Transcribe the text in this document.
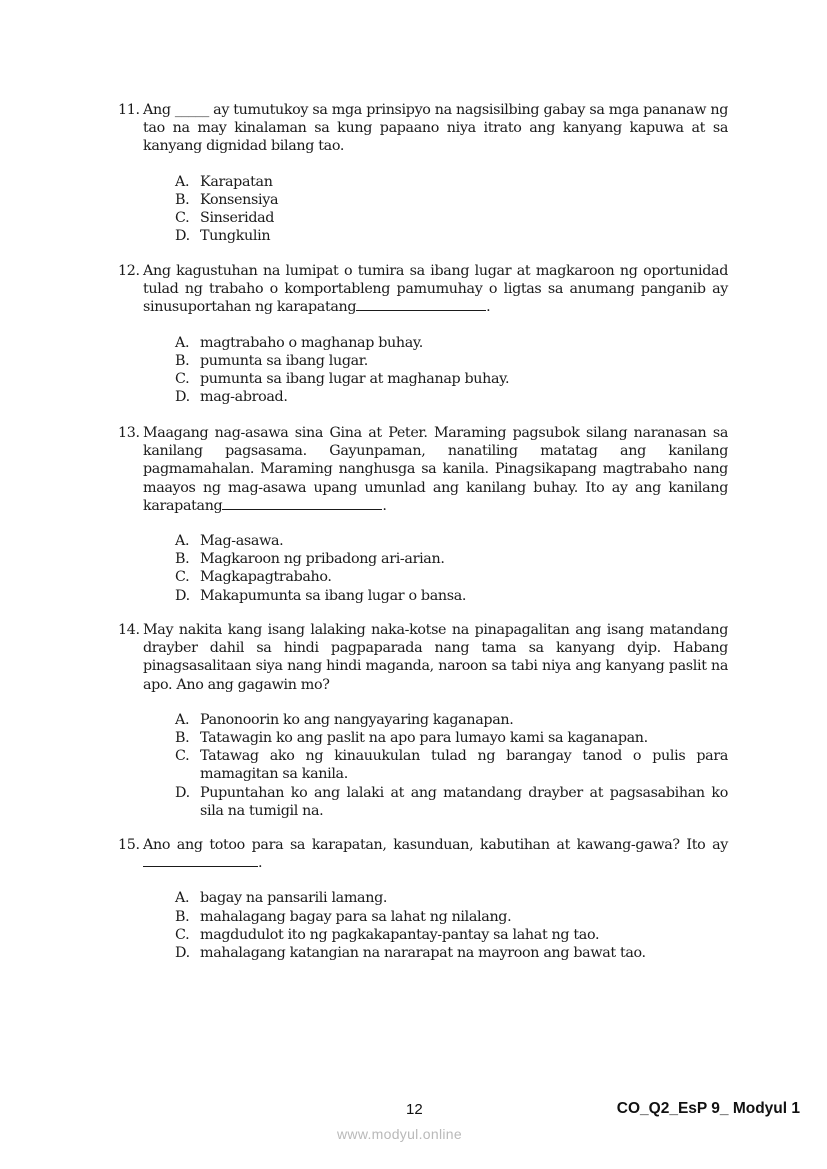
11. Ang _____ ay tumutukoy sa mga prinsipyo na nagsisilbing gabay sa mga pananaw ng tao na may kinalaman sa kung papaano niya itrato ang kanyang kapuwa at sa kanyang dignidad bilang tao.
A. Karapatan
B. Konsensiya
C. Sinseridad
D. Tungkulin
12. Ang kagustuhan na lumipat o tumira sa ibang lugar at magkaroon ng oportunidad tulad ng trabaho o komportableng pamumuhay o ligtas sa anumang panganib ay sinusuportahan ng karapatang	.
A. magtrabaho o maghanap buhay.
B. pumunta sa ibang lugar.
C. pumunta sa ibang lugar at maghanap buhay.
D. mag-abroad.
13. Maagang nag-asawa sina Gina at Peter. Maraming pagsubok silang naranasan sa kanilang pagsasama. Gayunpaman, nanatiling matatag ang kanilang pagmamahalan. Maraming nanghusga sa kanila. Pinagsikapang magtrabaho nang maayos ng mag-asawa upang umunlad ang kanilang buhay. Ito ay ang kanilang karapatang	.
A. Mag-asawa.
B. Magkaroon ng pribadong ari-arian.
C. Magkapagtrabaho.
D. Makapumunta sa ibang lugar o bansa.
14. May nakita kang isang lalaking naka-kotse na pinapagalitan ang isang matandang drayber dahil sa hindi pagpaparada nang tama sa kanyang dyip. Habang pinagsasalitaan siya nang hindi maganda, naroon sa tabi niya ang kanyang paslit na apo. Ano ang gagawin mo?
A. Panonoorin ko ang nangyayaring kaganapan.
B. Tatawagin ko ang paslit na apo para lumayo kami sa kaganapan.
C. Tatawag ako ng kinauukulan tulad ng barangay tanod o pulis para mamagitan sa kanila.
D. Pupuntahan ko ang lalaki at ang matandang drayber at pagsasabihan ko sila na tumigil na.
15. Ano ang totoo para sa karapatan, kasunduan, kabutihan at kawang-gawa? Ito ay .
A. bagay na pansarili lamang.
B. mahalagang bagay para sa lahat ng nilalang.
C. magdudulot ito ng pagkakapantay-pantay sa lahat ng tao.
D. mahalagang katangian na nararapat na mayroon ang bawat tao.
12	CO_Q2_EsP 9_ Modyul 1
www.modyul.online
